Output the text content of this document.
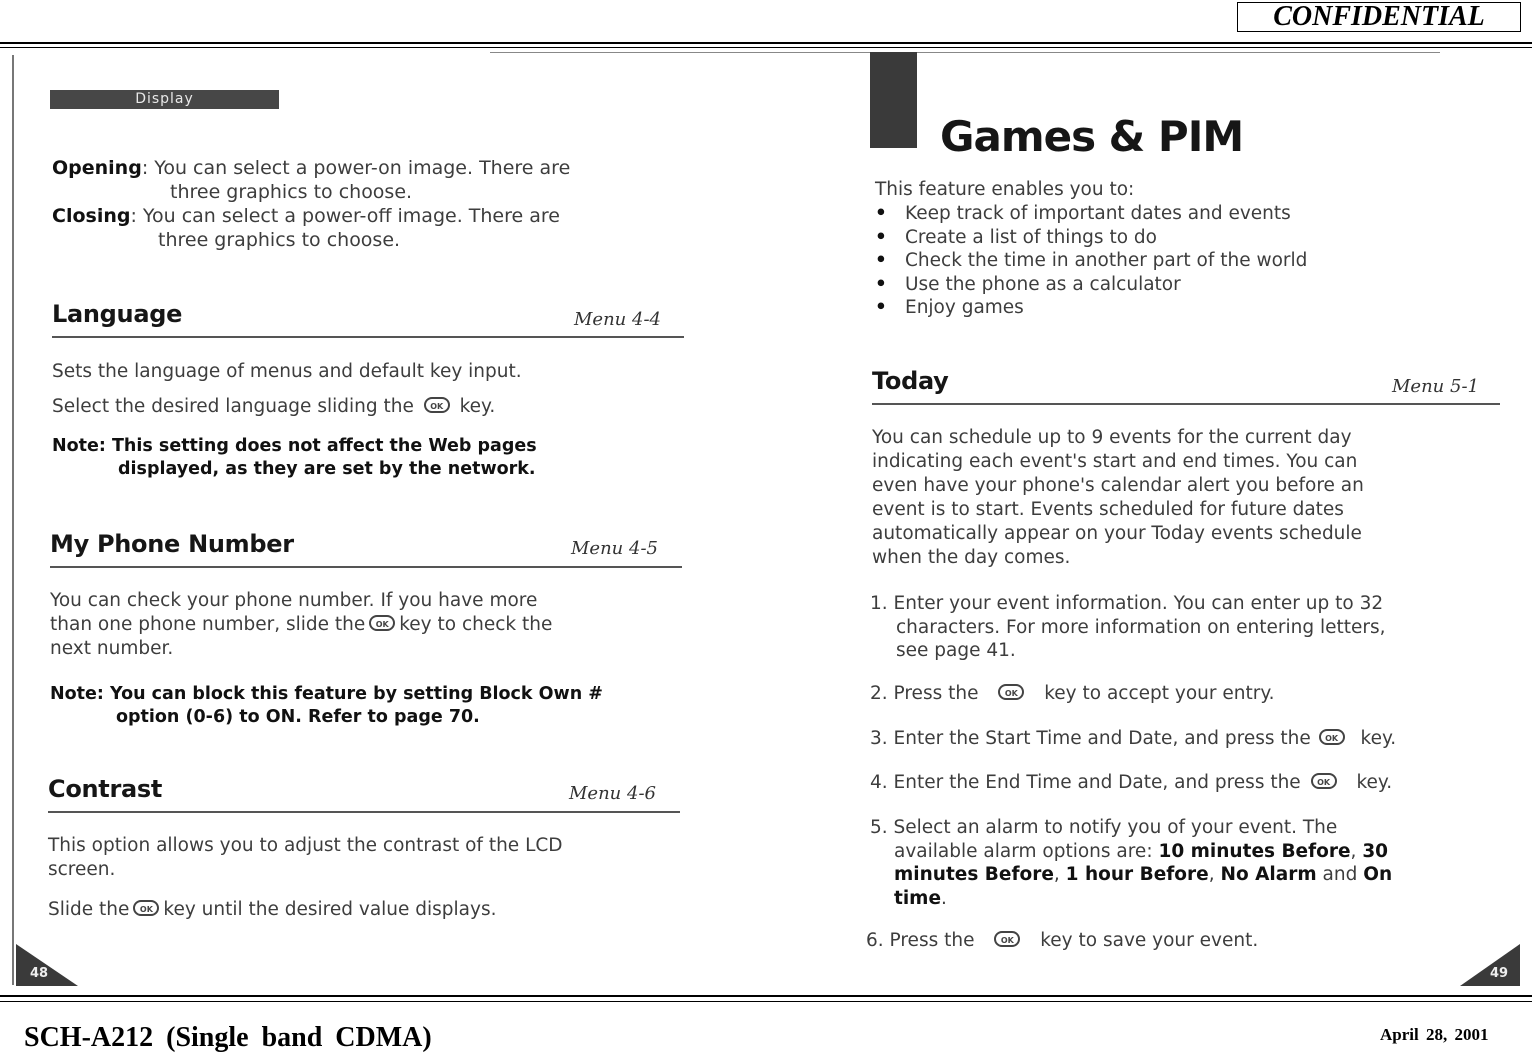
CONFIDENTIAL
Display
Opening: You can select a power-on image. There are
three graphics to choose.
Closing: You can select a power-off image. There are
three graphics to choose.
Language	Menu 4-4
Sets the language of menus and default key input.
Select the desired language sliding the OK key.
Note: This setting does not affect the Web pages
displayed, as they are set by the network.
My Phone Number	Menu 4-5
You can check your phone number. If you have more
than one phone number, slide the OK key to check the
next number.
Note: You can block this feature by setting Block Own #
option (0-6) to ON. Refer to page 70.
Contrast	Menu 4-6
This option allows you to adjust the contrast of the LCD
screen.
Slide the OK key until the desired value displays.
48
Games & PIM
This feature enables you to:
• Keep track of important dates and events
• Create a list of things to do
• Check the time in another part of the world
• Use the phone as a calculator
• Enjoy games
Today	Menu 5-1
You can schedule up to 9 events for the current day
indicating each event's start and end times. You can
even have your phone's calendar alert you before an
event is to start. Events scheduled for future dates
automatically appear on your Today events schedule
when the day comes.
1. Enter your event information. You can enter up to 32
characters. For more information on entering letters,
see page 41.
2. Press the	OK key to accept your entry.
3. Enter the Start Time and Date, and press the OK key.
4. Enter the End Time and Date, and press the OK key.
5. Select an alarm to notify you of your event. The
available alarm options are: 10 minutes Before, 30
minutes Before, 1 hour Before, No Alarm and On
time.
6. Press the	OK key to save your event.
49
SCH-A212 (Single band CDMA)	April 28, 2001
